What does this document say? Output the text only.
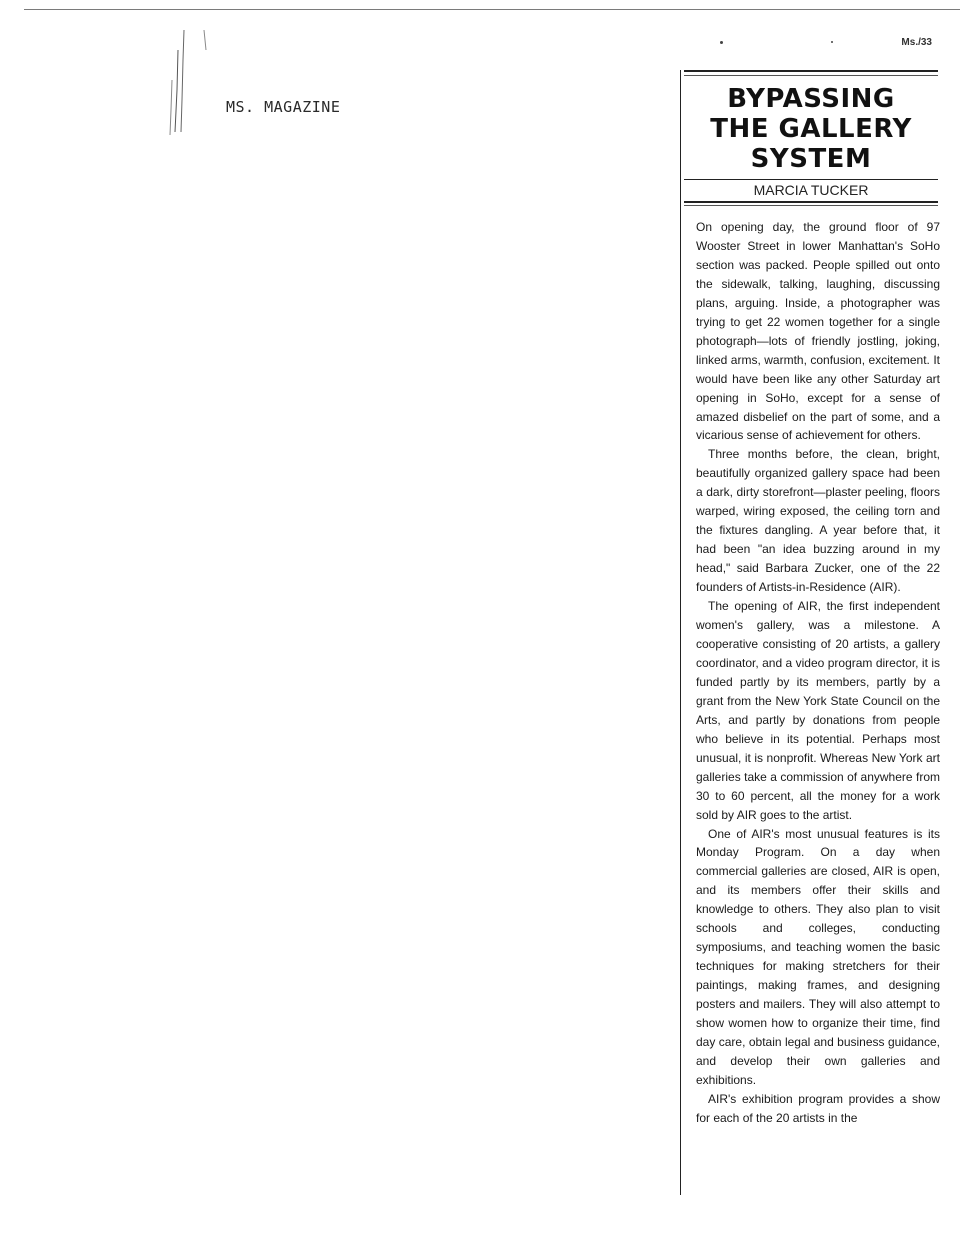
MS. MAGAZINE
Ms./33
BYPASSING
THE GALLERY
SYSTEM
MARCIA TUCKER

On opening day, the ground floor of 97 Wooster Street in lower Manhattan's SoHo section was packed. People spilled out onto the sidewalk, talking, laughing, discussing plans, arguing. Inside, a photographer was trying to get 22 women together for a single photograph—lots of friendly jostling, joking, linked arms, warmth, confusion, excitement. It would have been like any other Saturday art opening in SoHo, except for a sense of amazed disbelief on the part of some, and a vicarious sense of achievement for others.

Three months before, the clean, bright, beautifully organized gallery space had been a dark, dirty storefront—plaster peeling, floors warped, wiring exposed, the ceiling torn and the fixtures dangling. A year before that, it had been "an idea buzzing around in my head," said Barbara Zucker, one of the 22 founders of Artists-in-Residence (AIR).

The opening of AIR, the first independent women's gallery, was a milestone. A cooperative consisting of 20 artists, a gallery coordinator, and a video program director, it is funded partly by its members, partly by a grant from the New York State Council on the Arts, and partly by donations from people who believe in its potential. Perhaps most unusual, it is nonprofit. Whereas New York art galleries take a commission of anywhere from 30 to 60 percent, all the money for a work sold by AIR goes to the artist.

One of AIR's most unusual features is its Monday Program. On a day when commercial galleries are closed, AIR is open, and its members offer their skills and knowledge to others. They also plan to visit schools and colleges, conducting symposiums, and teaching women the basic techniques for making stretchers for their paintings, making frames, and designing posters and mailers. They will also attempt to show women how to organize their time, find day care, obtain legal and business guidance, and develop their own galleries and exhibitions.

AIR's exhibition program provides a show for each of the 20 artists in the
